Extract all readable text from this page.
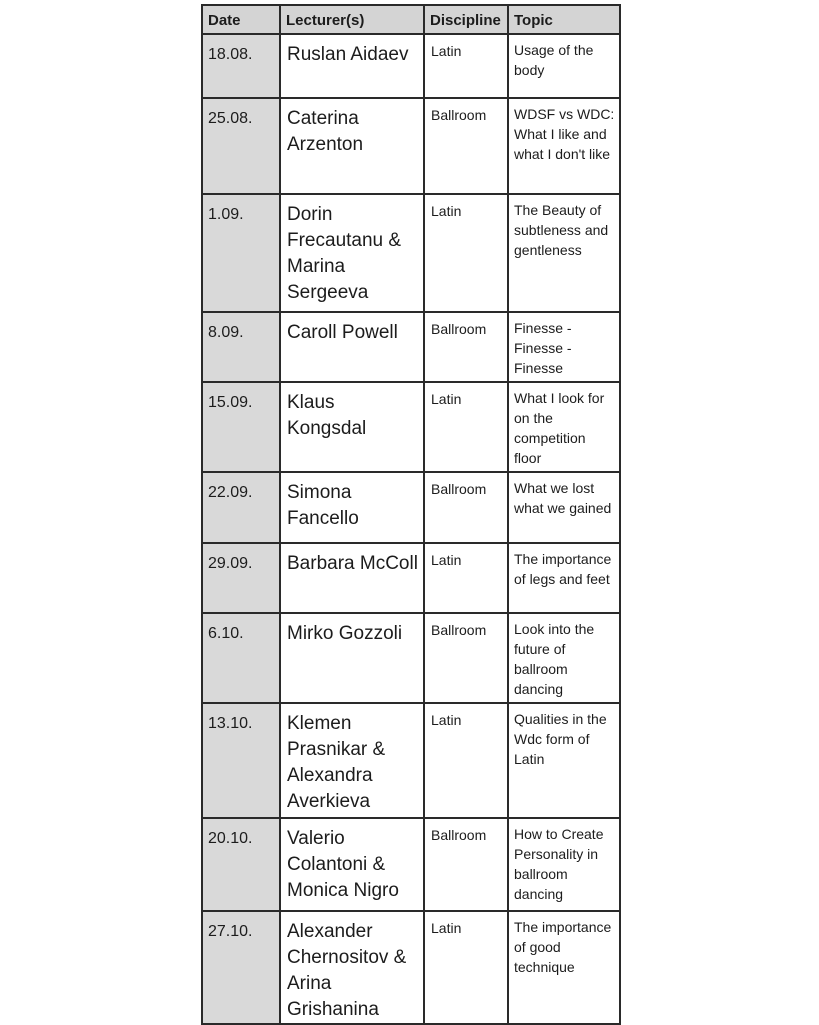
Date	Lecturer(s)	Discipline	Topic
18.08.	Ruslan Aidaev	Latin	Usage of the body
25.08.	Caterina Arzenton	Ballroom	WDSF vs WDC: What I like and what I don't like
1.09.	Dorin Frecautanu & Marina Sergeeva	Latin	The Beauty of subtleness and gentleness
8.09.	Caroll Powell	Ballroom	Finesse - Finesse - Finesse
15.09.	Klaus Kongsdal	Latin	What I look for on the competition floor
22.09.	Simona Fancello	Ballroom	What we lost what we gained
29.09.	Barbara McColl	Latin	The importance of legs and feet
6.10.	Mirko Gozzoli	Ballroom	Look into the future of ballroom dancing
13.10.	Klemen Prasnikar & Alexandra Averkieva	Latin	Qualities in the Wdc form of Latin
20.10.	Valerio Colantoni & Monica Nigro	Ballroom	How to Create Personality in ballroom dancing
27.10.	Alexander Chernositov & Arina Grishanina	Latin	The importance of good technique
